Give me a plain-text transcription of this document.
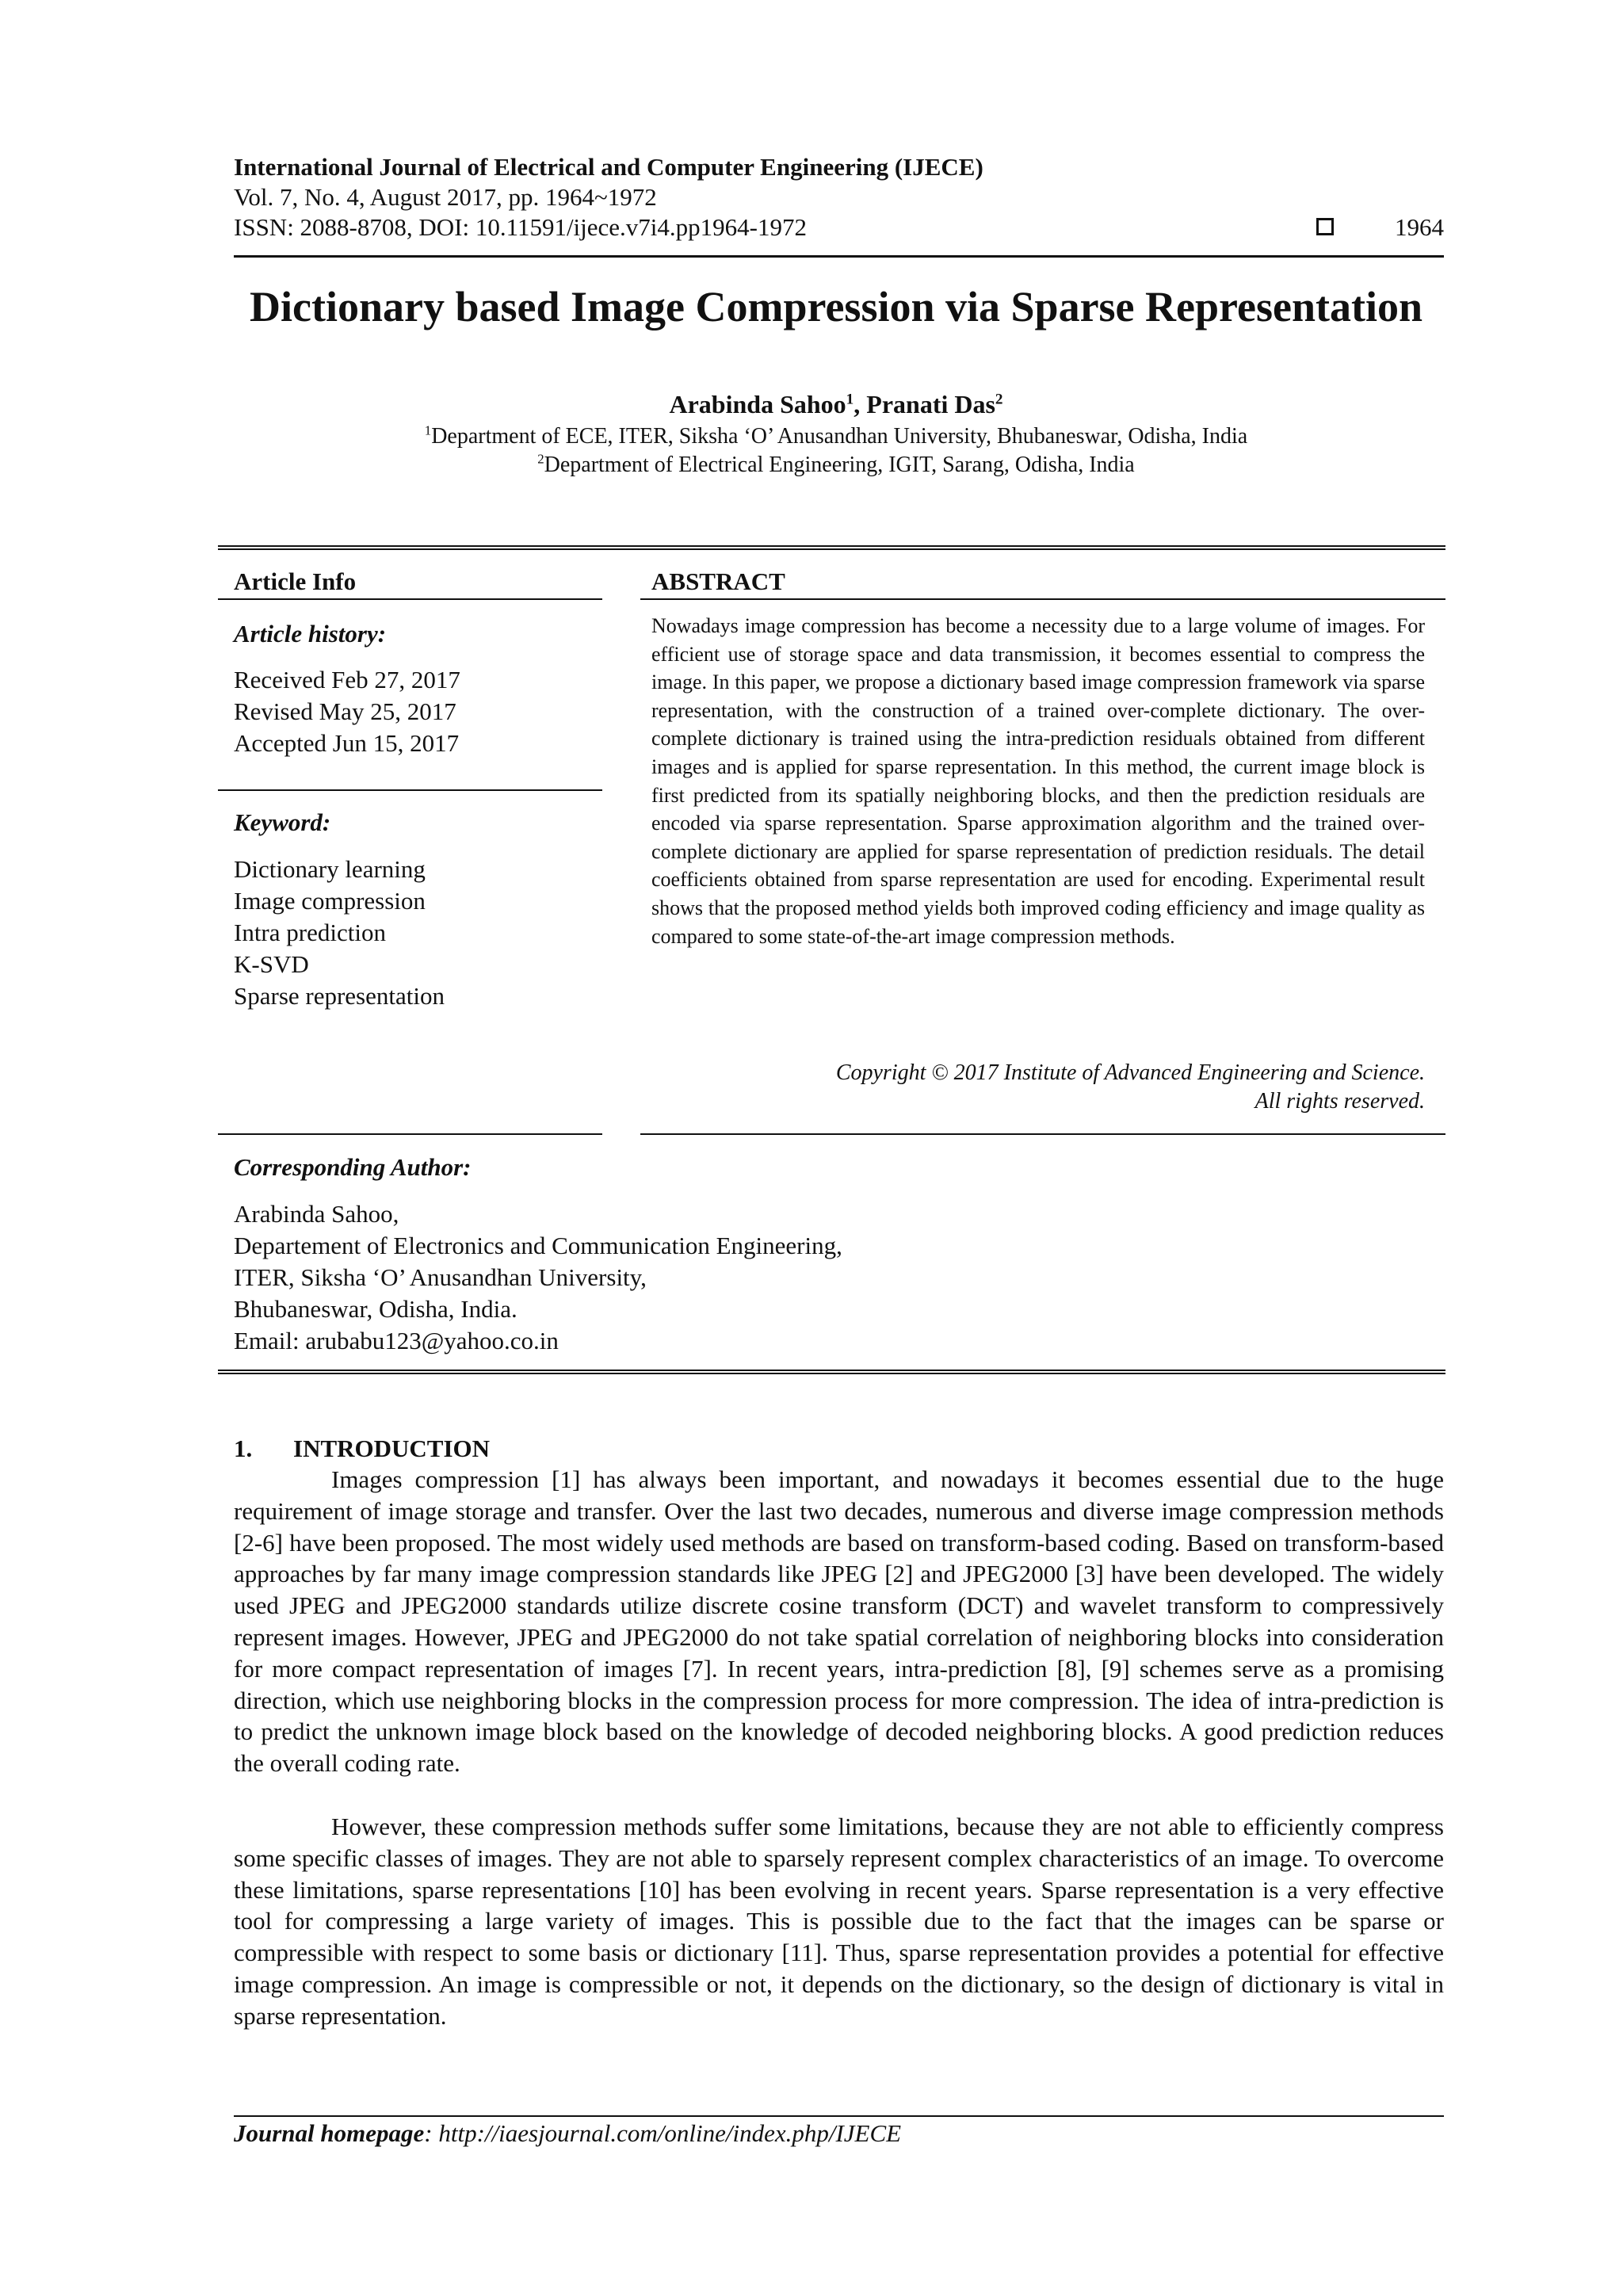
International Journal of Electrical and Computer Engineering (IJECE)
Vol. 7, No. 4, August 2017, pp. 1964~1972
ISSN: 2088-8708, DOI: 10.11591/ijece.v7i4.pp1964-1972	1964
Dictionary based Image Compression via Sparse Representation
Arabinda Sahoo$^1$, Pranati Das$^2$
$^1$Department of ECE, ITER, Siksha ‘O’ Anusandhan University, Bhubaneswar, Odisha, India
$^2$Department of Electrical Engineering, IGIT, Sarang, Odisha, India
Article Info
Article history:
Received Feb 27, 2017
Revised May 25, 2017
Accepted Jun 15, 2017
Keyword:
Dictionary learning
Image compression
Intra prediction
K-SVD
Sparse representation
ABSTRACT
Nowadays image compression has become a necessity due to a large volume of images. For efficient use of storage space and data transmission, it becomes essential to compress the image. In this paper, we propose a dictionary based image compression framework via sparse representation, with the construction of a trained over-complete dictionary. The over-complete dictionary is trained using the intra-prediction residuals obtained from different images and is applied for sparse representation. In this method, the current image block is first predicted from its spatially neighboring blocks, and then the prediction residuals are encoded via sparse representation. Sparse approximation algorithm and the trained over-complete dictionary are applied for sparse representation of prediction residuals. The detail coefficients obtained from sparse representation are used for encoding. Experimental result shows that the proposed method yields both improved coding efficiency and image quality as compared to some state-of-the-art image compression methods.
Copyright © 2017 Institute of Advanced Engineering and Science.
All rights reserved.
Corresponding Author:
Arabinda Sahoo,
Departement of Electronics and Communication Engineering,
ITER, Siksha ‘O’ Anusandhan University,
Bhubaneswar, Odisha, India.
Email: arubabu123@yahoo.co.in
1. INTRODUCTION
Images compression [1] has always been important, and nowadays it becomes essential due to the huge requirement of image storage and transfer. Over the last two decades, numerous and diverse image compression methods [2-6] have been proposed. The most widely used methods are based on transform-based coding. Based on transform-based approaches by far many image compression standards like JPEG [2] and JPEG2000 [3] have been developed. The widely used JPEG and JPEG2000 standards utilize discrete cosine transform (DCT) and wavelet transform to compressively represent images. However, JPEG and JPEG2000 do not take spatial correlation of neighboring blocks into consideration for more compact representation of images [7]. In recent years, intra-prediction [8], [9] schemes serve as a promising direction, which use neighboring blocks in the compression process for more compression. The idea of intra-prediction is to predict the unknown image block based on the knowledge of decoded neighboring blocks. A good prediction reduces the overall coding rate.
However, these compression methods suffer some limitations, because they are not able to efficiently compress some specific classes of images. They are not able to sparsely represent complex characteristics of an image. To overcome these limitations, sparse representations [10] has been evolving in recent years. Sparse representation is a very effective tool for compressing a large variety of images. This is possible due to the fact that the images can be sparse or compressible with respect to some basis or dictionary [11]. Thus, sparse representation provides a potential for effective image compression. An image is compressible or not, it depends on the dictionary, so the design of dictionary is vital in sparse representation.
Journal homepage: http://iaesjournal.com/online/index.php/IJECE
